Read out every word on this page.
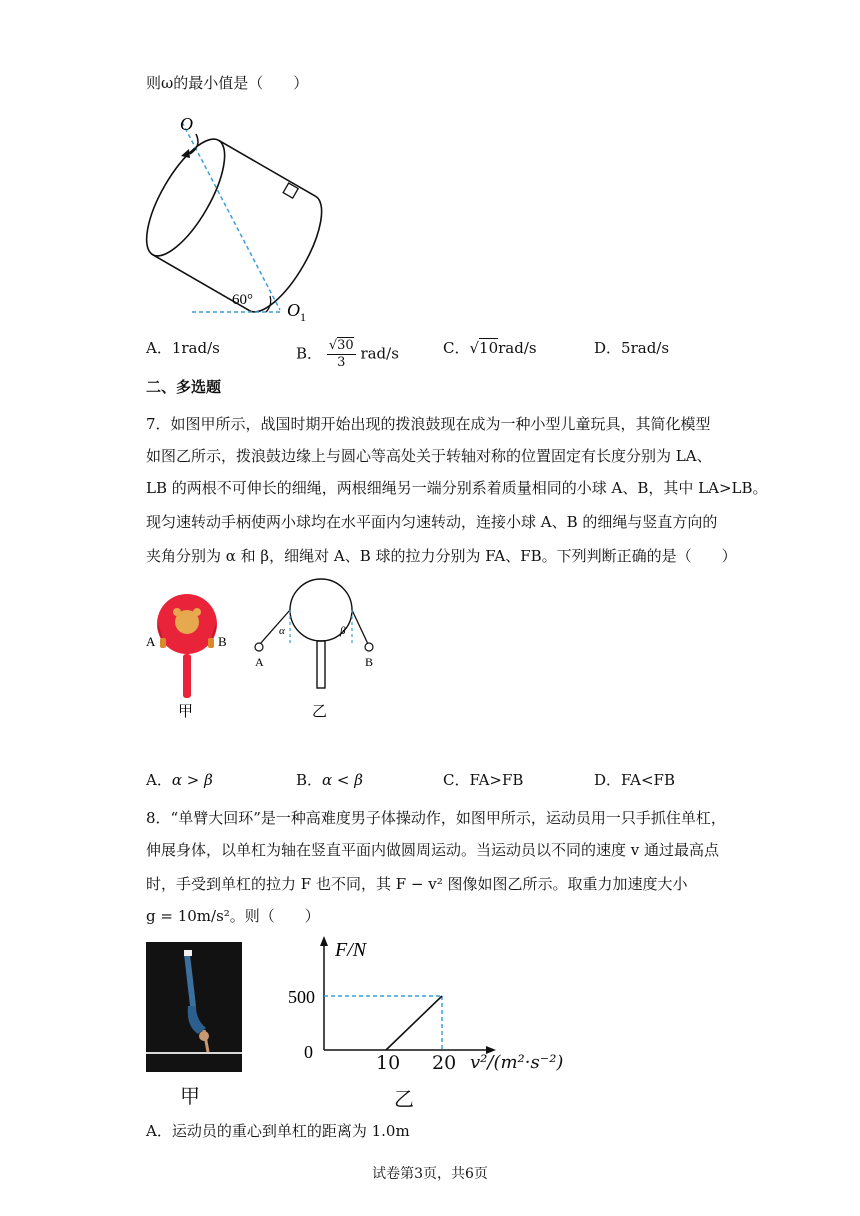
则ω的最小值是（　　）
O
60° $O_1$
A．1rad/s	B． $\frac{√30}{3} rad/s$	C．√10rad/s	D．5rad/s
二、多选题
7．如图甲所示，战国时期开始出现的拨浪鼓现在成为一种小型儿童玩具，其简化模型
如图乙所示，拨浪鼓边缘上与圆心等高处关于转轴对称的位置固定有长度分别为 LA、
LB 的两根不可伸长的细绳，两根细绳另一端分别系着质量相同的小球 A、B，其中 LA>LB。
现匀速转动手柄使两小球均在水平面内匀速转动，连接小球 A、B 的细绳与竖直方向的
夹角分别为 α 和 β，细绳对 A、B 球的拉力分别为 FA、FB。下列判断正确的是（　　）
A	B
甲
α	β
A	B
乙
A．α > β	B．α < β	C．FA>FB	D．FA<FB
8．“单臂大回环”是一种高难度男子体操动作，如图甲所示，运动员用一只手抓住单杠，
伸展身体，以单杠为轴在竖直平面内做圆周运动。当运动员以不同的速度 v 通过最高点
时，手受到单杠的拉力 F 也不同，其 F − v² 图像如图乙所示。取重力加速度大小
g = 10m/s²。则（　　）
甲
F/N
500
0	10 20 v²/(m²·s⁻²)
乙
A．运动员的重心到单杠的距离为 1.0m
试卷第3页，共6页
